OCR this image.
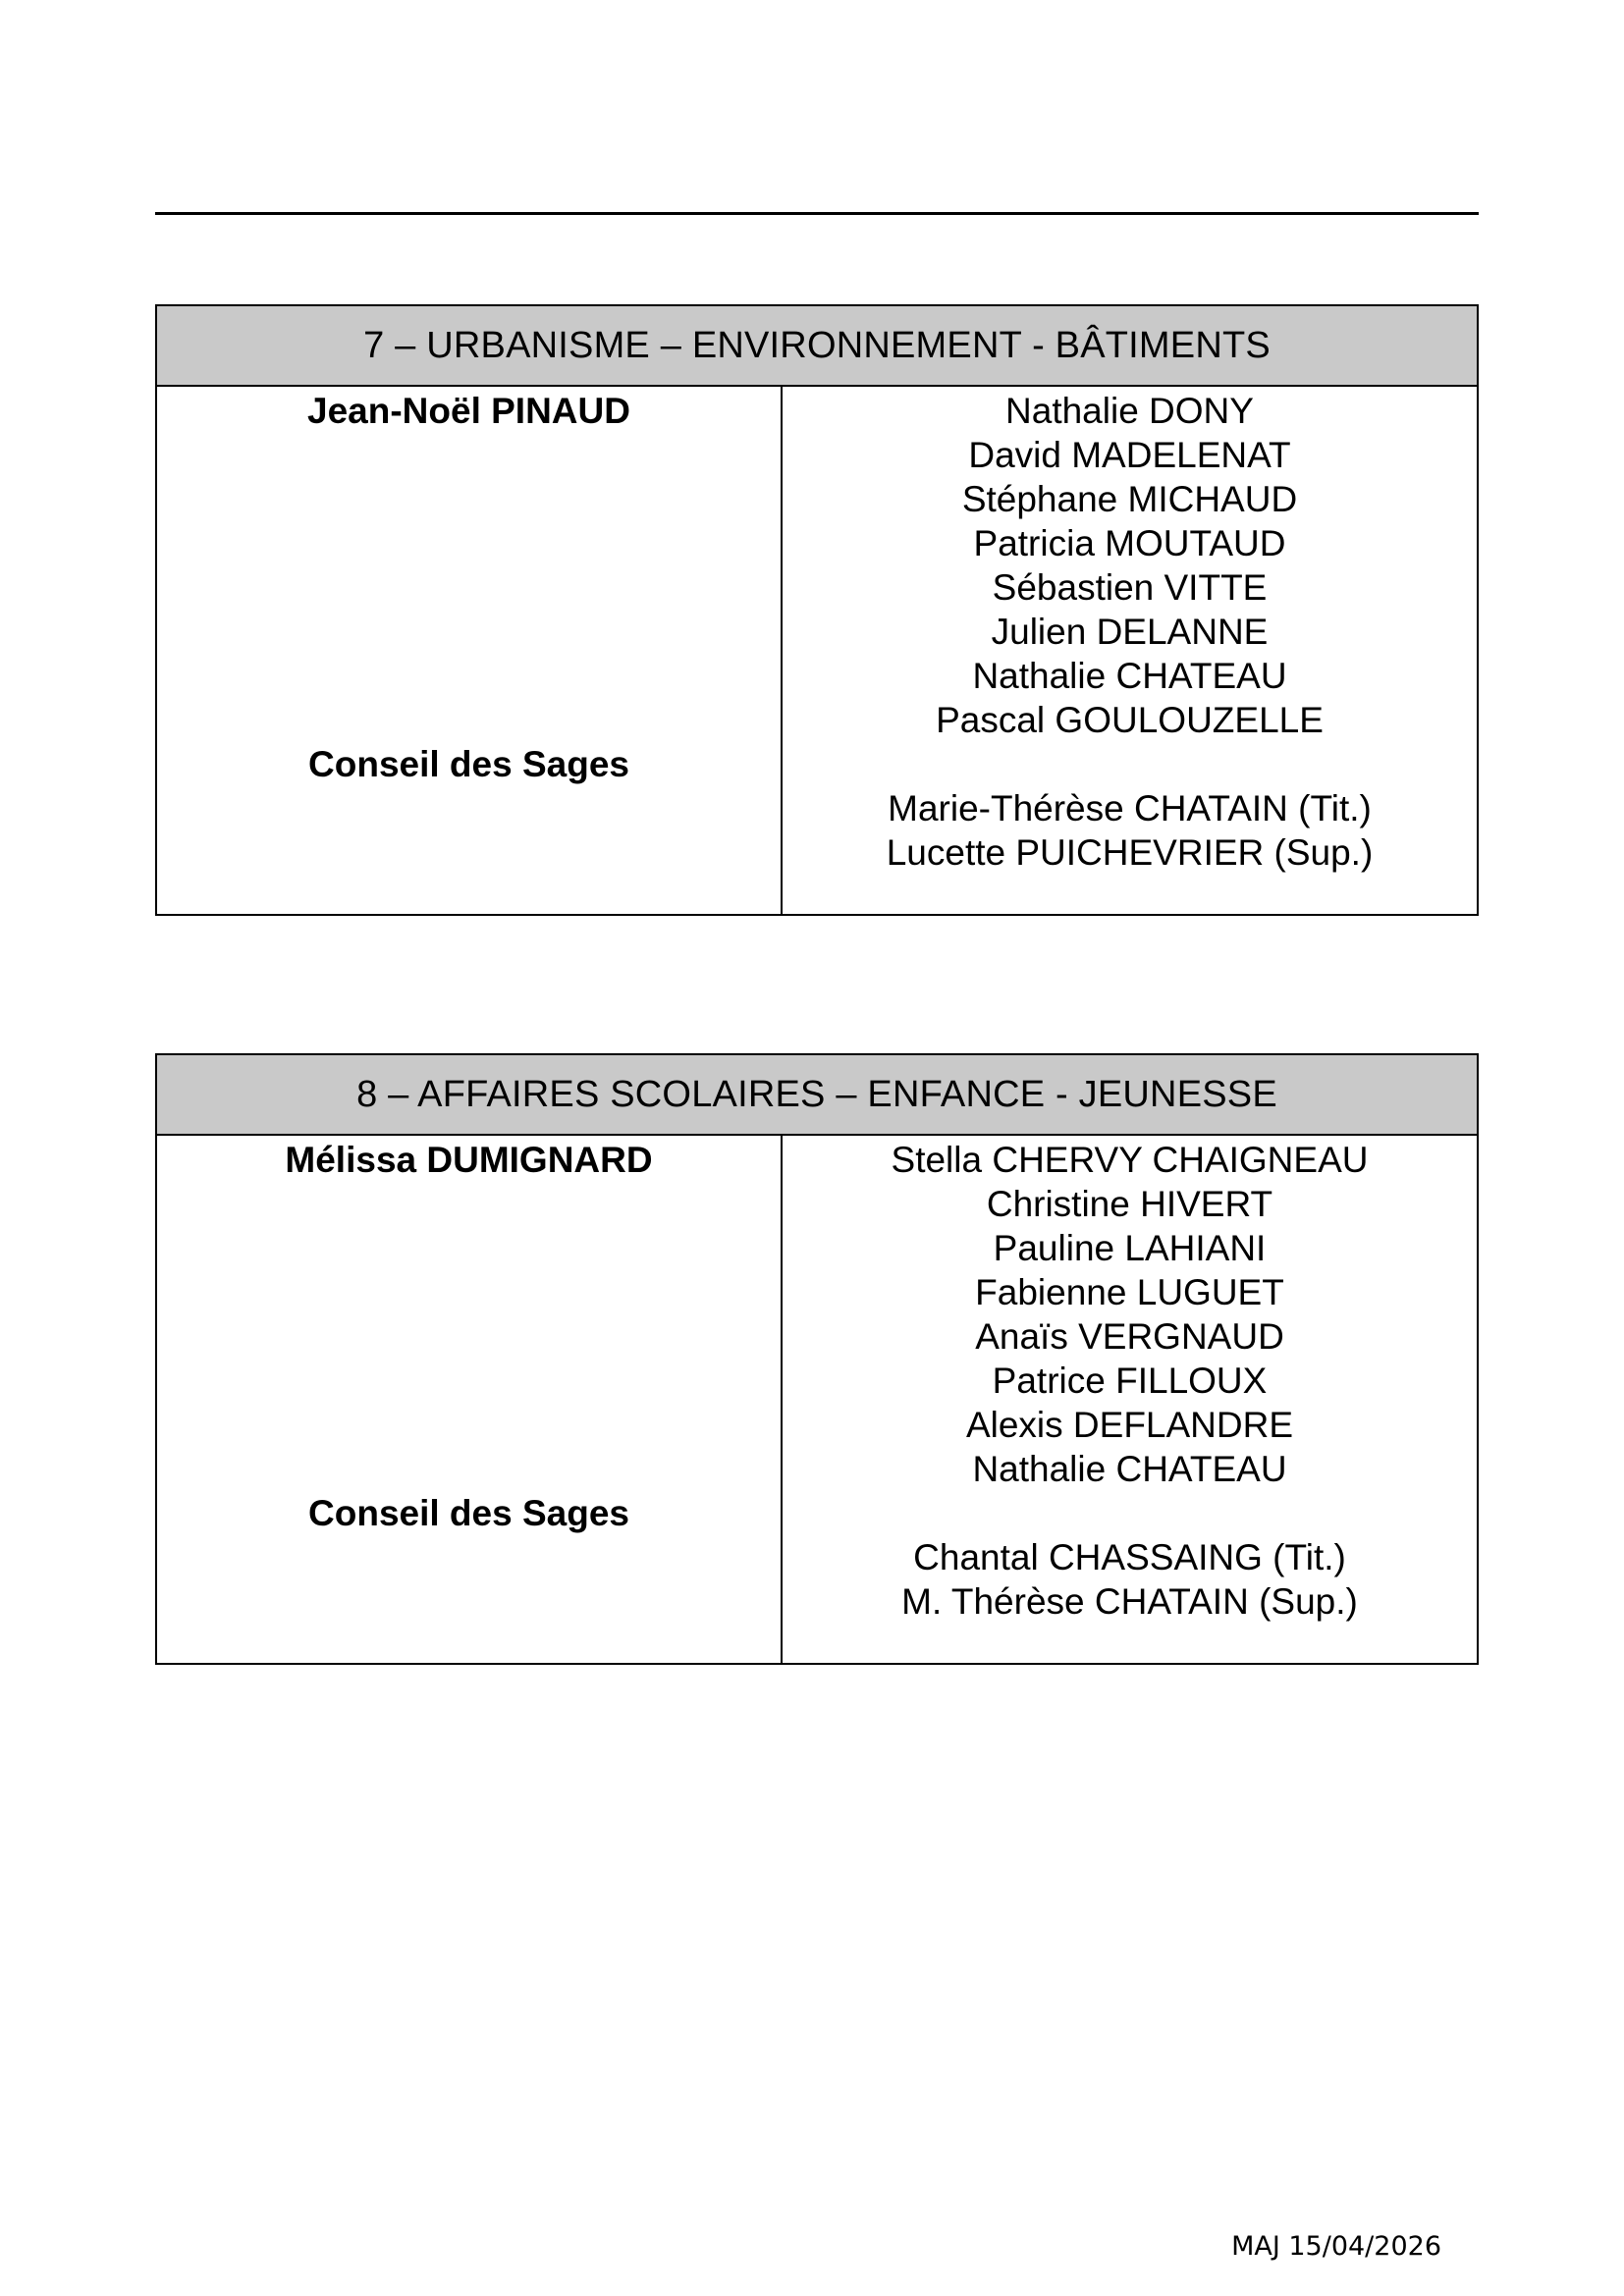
7 – URBANISME – ENVIRONNEMENT - BÂTIMENTS
Jean-Noël PINAUD
Conseil des Sages
Nathalie DONY
David MADELENAT
Stéphane MICHAUD
Patricia MOUTAUD
Sébastien VITTE
Julien DELANNE
Nathalie CHATEAU
Pascal GOULOUZELLE
Marie-Thérèse CHATAIN (Tit.)
Lucette PUICHEVRIER (Sup.)
8 – AFFAIRES SCOLAIRES – ENFANCE - JEUNESSE
Mélissa DUMIGNARD
Conseil des Sages
Stella CHERVY CHAIGNEAU
Christine HIVERT
Pauline LAHIANI
Fabienne LUGUET
Anaïs VERGNAUD
Patrice FILLOUX
Alexis DEFLANDRE
Nathalie CHATEAU
Chantal CHASSAING (Tit.)
M. Thérèse CHATAIN (Sup.)
MAJ 15/04/2026
